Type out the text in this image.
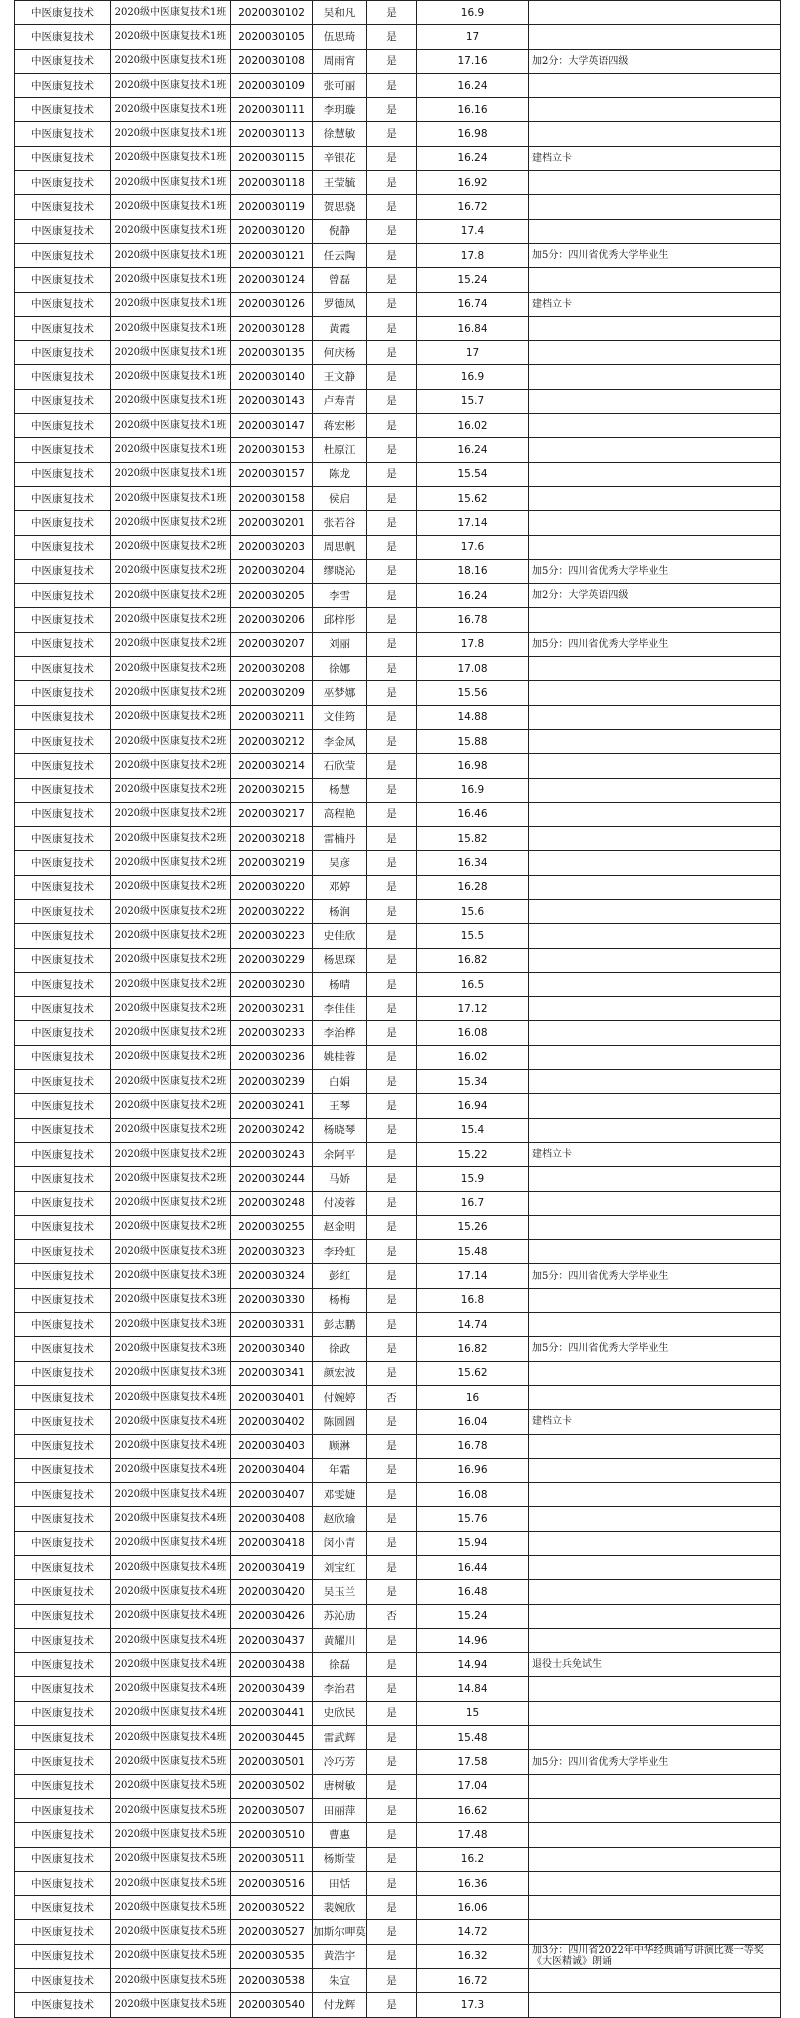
中医康复技术	2020级中医康复技术1班	2020030102	吴和凡	是	16.9	
中医康复技术	2020级中医康复技术1班	2020030105	伍思琦	是	17	
中医康复技术	2020级中医康复技术1班	2020030108	周雨宵	是	17.16	加2分：大学英语四级
中医康复技术	2020级中医康复技术1班	2020030109	张可丽	是	16.24	
中医康复技术	2020级中医康复技术1班	2020030111	李玥璇	是	16.16	
中医康复技术	2020级中医康复技术1班	2020030113	徐慧敏	是	16.98	
中医康复技术	2020级中医康复技术1班	2020030115	辛银花	是	16.24	建档立卡
中医康复技术	2020级中医康复技术1班	2020030118	王莹毓	是	16.92	
中医康复技术	2020级中医康复技术1班	2020030119	贺思骁	是	16.72	
中医康复技术	2020级中医康复技术1班	2020030120	倪静	是	17.4	
中医康复技术	2020级中医康复技术1班	2020030121	任云陶	是	17.8	加5分：四川省优秀大学毕业生
中医康复技术	2020级中医康复技术1班	2020030124	曾磊	是	15.24	
中医康复技术	2020级中医康复技术1班	2020030126	罗德凤	是	16.74	建档立卡
中医康复技术	2020级中医康复技术1班	2020030128	黄霞	是	16.84	
中医康复技术	2020级中医康复技术1班	2020030135	何庆杨	是	17	
中医康复技术	2020级中医康复技术1班	2020030140	王文静	是	16.9	
中医康复技术	2020级中医康复技术1班	2020030143	卢寿青	是	15.7	
中医康复技术	2020级中医康复技术1班	2020030147	蒋宏彬	是	16.02	
中医康复技术	2020级中医康复技术1班	2020030153	杜原江	是	16.24	
中医康复技术	2020级中医康复技术1班	2020030157	陈龙	是	15.54	
中医康复技术	2020级中医康复技术1班	2020030158	侯启	是	15.62	
中医康复技术	2020级中医康复技术2班	2020030201	张若谷	是	17.14	
中医康复技术	2020级中医康复技术2班	2020030203	周思帆	是	17.6	
中医康复技术	2020级中医康复技术2班	2020030204	缪晓沁	是	18.16	加5分：四川省优秀大学毕业生
中医康复技术	2020级中医康复技术2班	2020030205	李雪	是	16.24	加2分：大学英语四级
中医康复技术	2020级中医康复技术2班	2020030206	邱梓彤	是	16.78	
中医康复技术	2020级中医康复技术2班	2020030207	刘丽	是	17.8	加5分：四川省优秀大学毕业生
中医康复技术	2020级中医康复技术2班	2020030208	徐娜	是	17.08	
中医康复技术	2020级中医康复技术2班	2020030209	巫梦娜	是	15.56	
中医康复技术	2020级中医康复技术2班	2020030211	文佳筠	是	14.88	
中医康复技术	2020级中医康复技术2班	2020030212	李金凤	是	15.88	
中医康复技术	2020级中医康复技术2班	2020030214	石欣莹	是	16.98	
中医康复技术	2020级中医康复技术2班	2020030215	杨慧	是	16.9	
中医康复技术	2020级中医康复技术2班	2020030217	高程艳	是	16.46	
中医康复技术	2020级中医康复技术2班	2020030218	雷楠丹	是	15.82	
中医康复技术	2020级中医康复技术2班	2020030219	吴彦	是	16.34	
中医康复技术	2020级中医康复技术2班	2020030220	邓婷	是	16.28	
中医康复技术	2020级中医康复技术2班	2020030222	杨润	是	15.6	
中医康复技术	2020级中医康复技术2班	2020030223	史佳欣	是	15.5	
中医康复技术	2020级中医康复技术2班	2020030229	杨思琛	是	16.82	
中医康复技术	2020级中医康复技术2班	2020030230	杨晴	是	16.5	
中医康复技术	2020级中医康复技术2班	2020030231	李佳佳	是	17.12	
中医康复技术	2020级中医康复技术2班	2020030233	李治桦	是	16.08	
中医康复技术	2020级中医康复技术2班	2020030236	姚桂蓉	是	16.02	
中医康复技术	2020级中医康复技术2班	2020030239	白娟	是	15.34	
中医康复技术	2020级中医康复技术2班	2020030241	王琴	是	16.94	
中医康复技术	2020级中医康复技术2班	2020030242	杨晓琴	是	15.4	
中医康复技术	2020级中医康复技术2班	2020030243	余阿平	是	15.22	建档立卡
中医康复技术	2020级中医康复技术2班	2020030244	马娇	是	15.9	
中医康复技术	2020级中医康复技术2班	2020030248	付凌蓉	是	16.7	
中医康复技术	2020级中医康复技术2班	2020030255	赵金明	是	15.26	
中医康复技术	2020级中医康复技术3班	2020030323	李玲虹	是	15.48	
中医康复技术	2020级中医康复技术3班	2020030324	彭红	是	17.14	加5分：四川省优秀大学毕业生
中医康复技术	2020级中医康复技术3班	2020030330	杨梅	是	16.8	
中医康复技术	2020级中医康复技术3班	2020030331	彭志鹏	是	14.74	
中医康复技术	2020级中医康复技术3班	2020030340	徐政	是	16.82	加5分：四川省优秀大学毕业生
中医康复技术	2020级中医康复技术3班	2020030341	颜宏波	是	15.62	
中医康复技术	2020级中医康复技术4班	2020030401	付婉婷	否	16	
中医康复技术	2020级中医康复技术4班	2020030402	陈圆圆	是	16.04	建档立卡
中医康复技术	2020级中医康复技术4班	2020030403	顾淋	是	16.78	
中医康复技术	2020级中医康复技术4班	2020030404	年霜	是	16.96	
中医康复技术	2020级中医康复技术4班	2020030407	邓雯婕	是	16.08	
中医康复技术	2020级中医康复技术4班	2020030408	赵欣瑜	是	15.76	
中医康复技术	2020级中医康复技术4班	2020030418	闵小青	是	15.94	
中医康复技术	2020级中医康复技术4班	2020030419	刘宝红	是	16.44	
中医康复技术	2020级中医康复技术4班	2020030420	吴玉兰	是	16.48	
中医康复技术	2020级中医康复技术4班	2020030426	苏沁劢	否	15.24	
中医康复技术	2020级中医康复技术4班	2020030437	黄耀川	是	14.96	
中医康复技术	2020级中医康复技术4班	2020030438	徐磊	是	14.94	退役士兵免试生
中医康复技术	2020级中医康复技术4班	2020030439	李治君	是	14.84	
中医康复技术	2020级中医康复技术4班	2020030441	史欣民	是	15	
中医康复技术	2020级中医康复技术4班	2020030445	雷武辉	是	15.48	
中医康复技术	2020级中医康复技术5班	2020030501	冷巧芳	是	17.58	加5分：四川省优秀大学毕业生
中医康复技术	2020级中医康复技术5班	2020030502	唐树敏	是	17.04	
中医康复技术	2020级中医康复技术5班	2020030507	田丽萍	是	16.62	
中医康复技术	2020级中医康复技术5班	2020030510	曹惠	是	17.48	
中医康复技术	2020级中医康复技术5班	2020030511	杨斯莹	是	16.2	
中医康复技术	2020级中医康复技术5班	2020030516	田恬	是	16.36	
中医康复技术	2020级中医康复技术5班	2020030522	裴婉欣	是	16.06	
中医康复技术	2020级中医康复技术5班	2020030527	加斯尔呷莫	是	14.72	
中医康复技术	2020级中医康复技术5班	2020030535	黄浩宇	是	16.32	加3分：四川省2022年中华经典诵写讲演比赛一等奖《大医精诚》朗诵
中医康复技术	2020级中医康复技术5班	2020030538	朱宣	是	16.72	
中医康复技术	2020级中医康复技术5班	2020030540	付龙辉	是	17.3	
